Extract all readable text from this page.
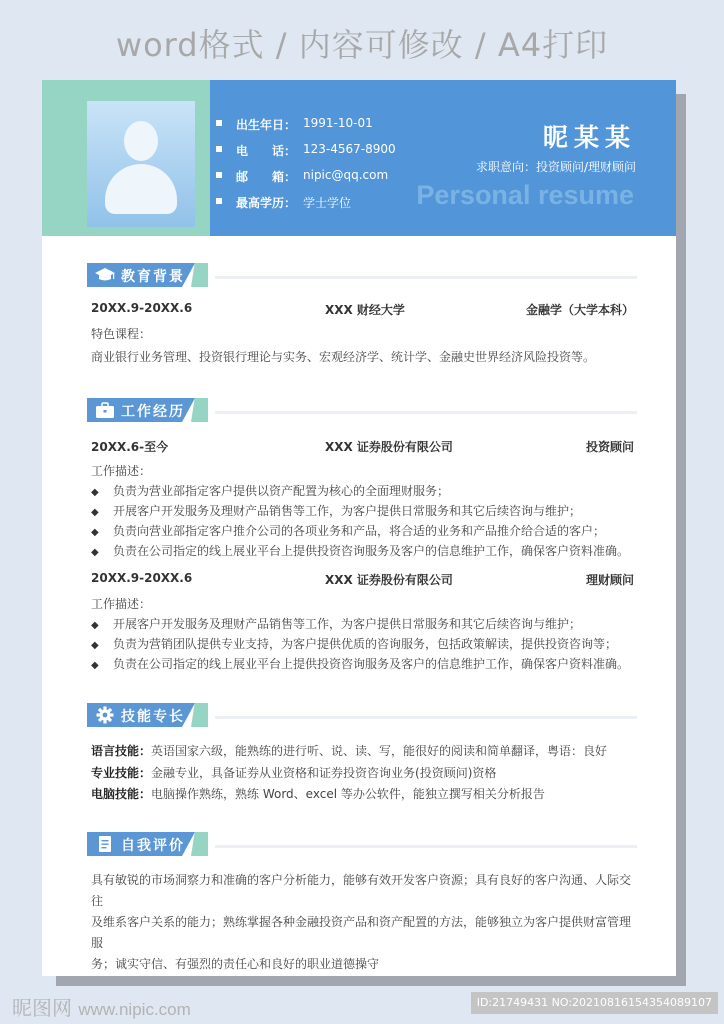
word格式 / 内容可修改 / A4打印
出生年日： 1991-10-01
电　　话： 123-4567-8900
邮　　箱： nipic@qq.com
最高学历： 学士学位
昵某某
求职意向：投资顾问/理财顾问
Personal resume
教育背景
20XX.9-20XX.6	XXX 财经大学	金融学（大学本科）
特色课程：
商业银行业务管理、投资银行理论与实务、宏观经济学、统计学、金融史世界经济风险投资等。
工作经历
20XX.6-至今	XXX 证券股份有限公司	投资顾问
工作描述：
◆ 负责为营业部指定客户提供以资产配置为核心的全面理财服务；
◆ 开展客户开发服务及理财产品销售等工作，为客户提供日常服务和其它后续咨询与维护；
◆ 负责向营业部指定客户推介公司的各项业务和产品，将合适的业务和产品推介给合适的客户；
◆ 负责在公司指定的线上展业平台上提供投资咨询服务及客户的信息维护工作，确保客户资料准确。
20XX.9-20XX.6	XXX 证券股份有限公司	理财顾问
工作描述：
◆ 开展客户开发服务及理财产品销售等工作，为客户提供日常服务和其它后续咨询与维护；
◆ 负责为营销团队提供专业支持，为客户提供优质的咨询服务，包括政策解读，提供投资咨询等；
◆ 负责在公司指定的线上展业平台上提供投资咨询服务及客户的信息维护工作，确保客户资料准确。
技能专长
语言技能：英语国家六级，能熟练的进行听、说、读、写，能很好的阅读和简单翻译，粤语：良好
专业技能：金融专业，具备证券从业资格和证券投资咨询业务(投资顾问)资格
电脑技能：电脑操作熟练，熟练 Word、excel 等办公软件，能独立撰写相关分析报告
自我评价
具有敏锐的市场洞察力和准确的客户分析能力，能够有效开发客户资源；具有良好的客户沟通、人际交往
及维系客户关系的能力；熟练掌握各种金融投资产品和资产配置的方法，能够独立为客户提供财富管理服
务；诚实守信、有强烈的责任心和良好的职业道德操守
昵图网 www.nipic.com	ID:21749431 NO:20210816154354089107
